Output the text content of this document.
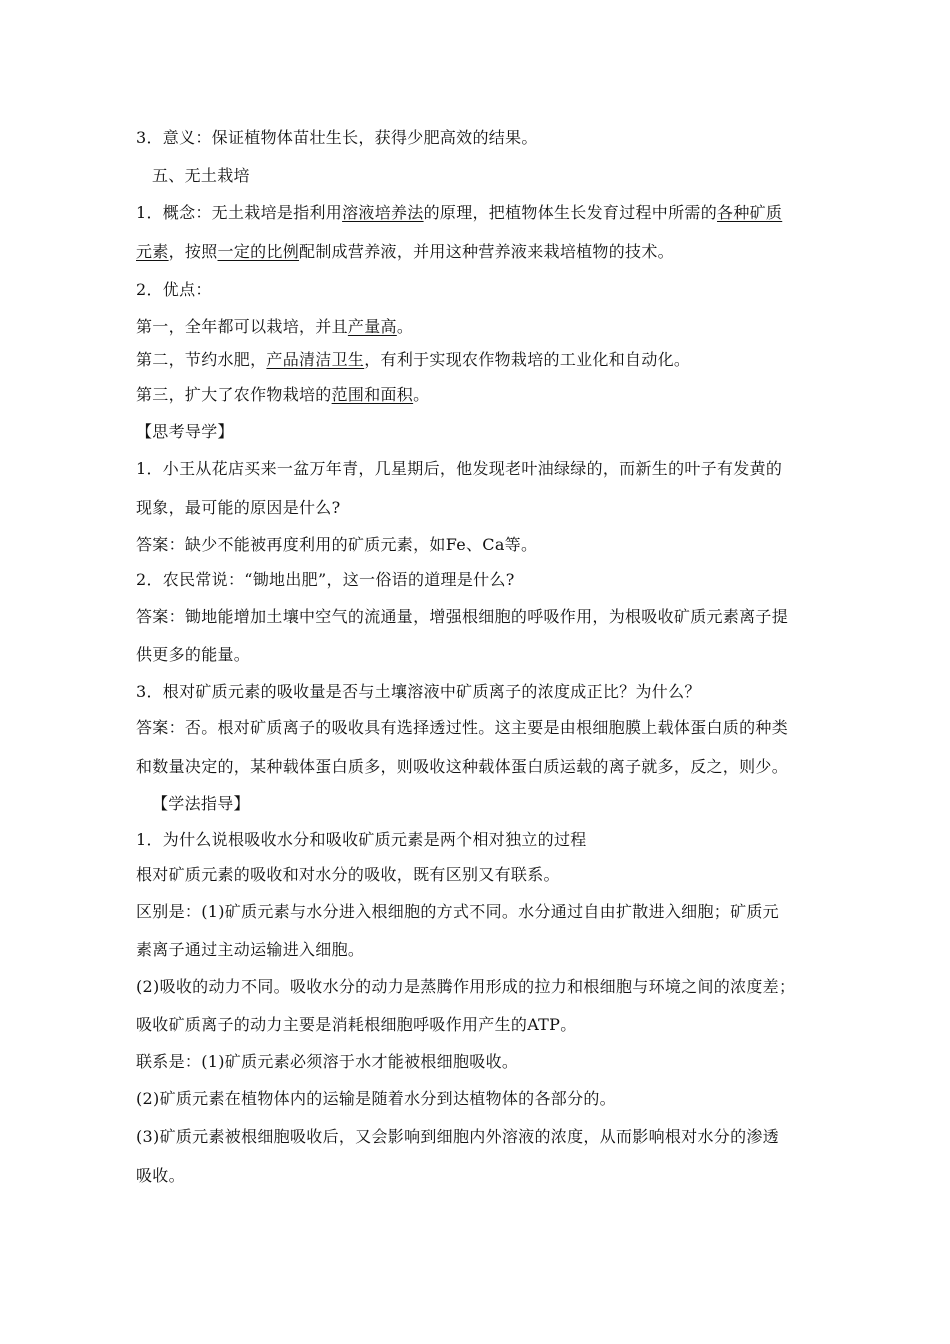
3．意义：保证植物体苗壮生长，获得少肥高效的结果。
五、无土栽培
1．概念：无土栽培是指利用溶液培养法的原理，把植物体生长发育过程中所需的各种矿质
元素，按照一定的比例配制成营养液，并用这种营养液来栽培植物的技术。
2．优点：
第一，全年都可以栽培，并且产量高。
第二，节约水肥，产品清洁卫生，有利于实现农作物栽培的工业化和自动化。
第三，扩大了农作物栽培的范围和面积。
【思考导学】
1．小王从花店买来一盆万年青，几星期后，他发现老叶油绿绿的，而新生的叶子有发黄的
现象，最可能的原因是什么?
答案：缺少不能被再度利用的矿质元素，如Fe、Ca等。
2．农民常说：“锄地出肥”，这一俗语的道理是什么?
答案：锄地能增加土壤中空气的流通量，增强根细胞的呼吸作用，为根吸收矿质元素离子提
供更多的能量。
3．根对矿质元素的吸收量是否与土壤溶液中矿质离子的浓度成正比？为什么？
答案：否。根对矿质离子的吸收具有选择透过性。这主要是由根细胞膜上载体蛋白质的种类
和数量决定的，某种载体蛋白质多，则吸收这种载体蛋白质运载的离子就多，反之，则少。
【学法指导】
1．为什么说根吸收水分和吸收矿质元素是两个相对独立的过程
根对矿质元素的吸收和对水分的吸收，既有区别又有联系。
区别是：(1)矿质元素与水分进入根细胞的方式不同。水分通过自由扩散进入细胞；矿质元
素离子通过主动运输进入细胞。
(2)吸收的动力不同。吸收水分的动力是蒸腾作用形成的拉力和根细胞与环境之间的浓度差；
吸收矿质离子的动力主要是消耗根细胞呼吸作用产生的ATP。
联系是：(1)矿质元素必须溶于水才能被根细胞吸收。
(2)矿质元素在植物体内的运输是随着水分到达植物体的各部分的。
(3)矿质元素被根细胞吸收后，又会影响到细胞内外溶液的浓度，从而影响根对水分的渗透
吸收。
